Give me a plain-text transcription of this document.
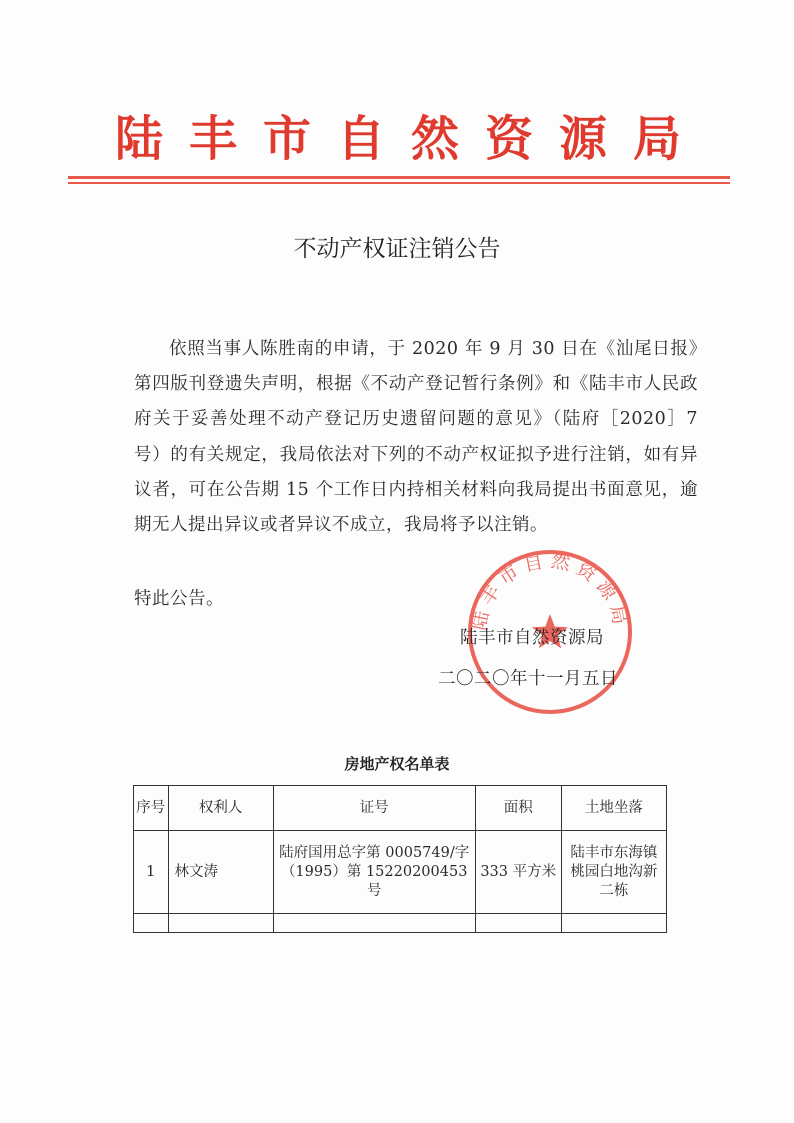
陆丰市自然资源局
不动产权证注销公告

依照当事人陈胜南的申请，于 2020 年 9 月 30 日在《汕尾日报》第四版刊登遗失声明，根据《不动产登记暂行条例》和《陆丰市人民政府关于妥善处理不动产登记历史遗留问题的意见》（陆府［2020］7 号）的有关规定，我局依法对下列的不动产权证拟予进行注销，如有异议者，可在公告期 15 个工作日内持相关材料向我局提出书面意见，逾期无人提出异议或者异议不成立，我局将予以注销。

特此公告。
陆丰市自然资源局
陆丰市自然资源局
二〇二〇年十一月五日
房地产权名单表
序号	权利人	证号	面积	土地坐落
1	林文涛	陆府国用总字第 0005749/字（1995）第 15220200453 号	333 平方米	陆丰市东海镇桃园白地沟新二栋
